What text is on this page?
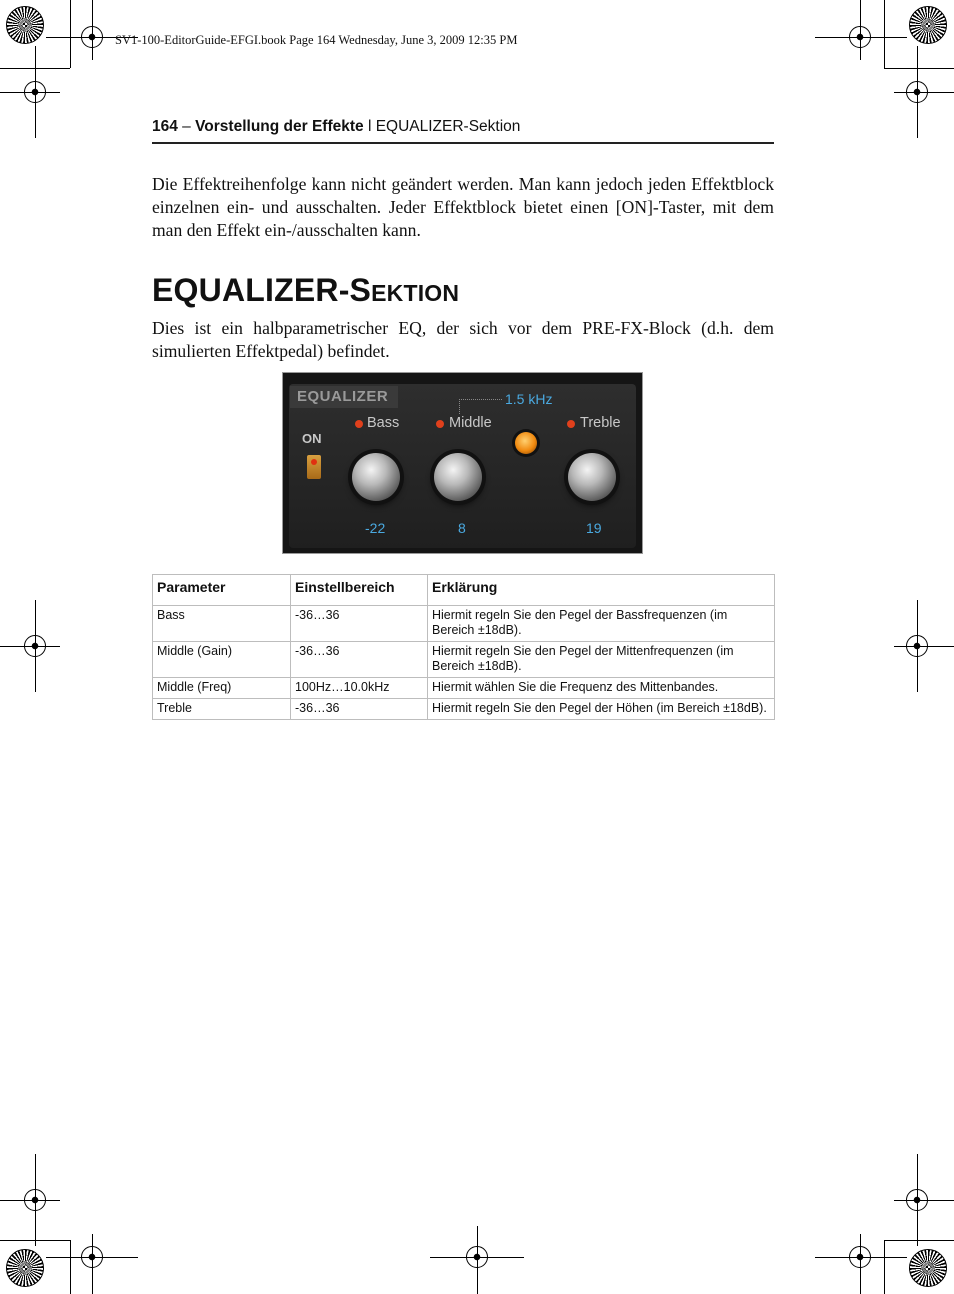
SV1-100-EditorGuide-EFGI.book Page 164 Wednesday, June 3, 2009 12:35 PM
164 – Vorstellung der Effekte l EQUALIZER-Sektion
Die Effektreihenfolge kann nicht geändert werden. Man kann jedoch jeden Effektblock einzelnen ein- und ausschalten. Jeder Effektblock bietet einen [ON]-Taster, mit dem man den Effekt ein-/ausschalten kann.
EQUALIZER-SEKTION
Dies ist ein halbparametrischer EQ, der sich vor dem PRE-FX-Block (d.h. dem simulierten Effektpedal) befindet.
EQUALIZER
ON
Bass	Middle	Treble
1.5 kHz
-22	8	19
Parameter	Einstellbereich	Erklärung
Bass	-36…36	Hiermit regeln Sie den Pegel der Bassfrequenzen (im Bereich ±18dB).
Middle (Gain)	-36…36	Hiermit regeln Sie den Pegel der Mittenfrequenzen (im Bereich ±18dB).
Middle (Freq)	100Hz…10.0kHz	Hiermit wählen Sie die Frequenz des Mittenbandes.
Treble	-36…36	Hiermit regeln Sie den Pegel der Höhen (im Bereich ±18dB).
